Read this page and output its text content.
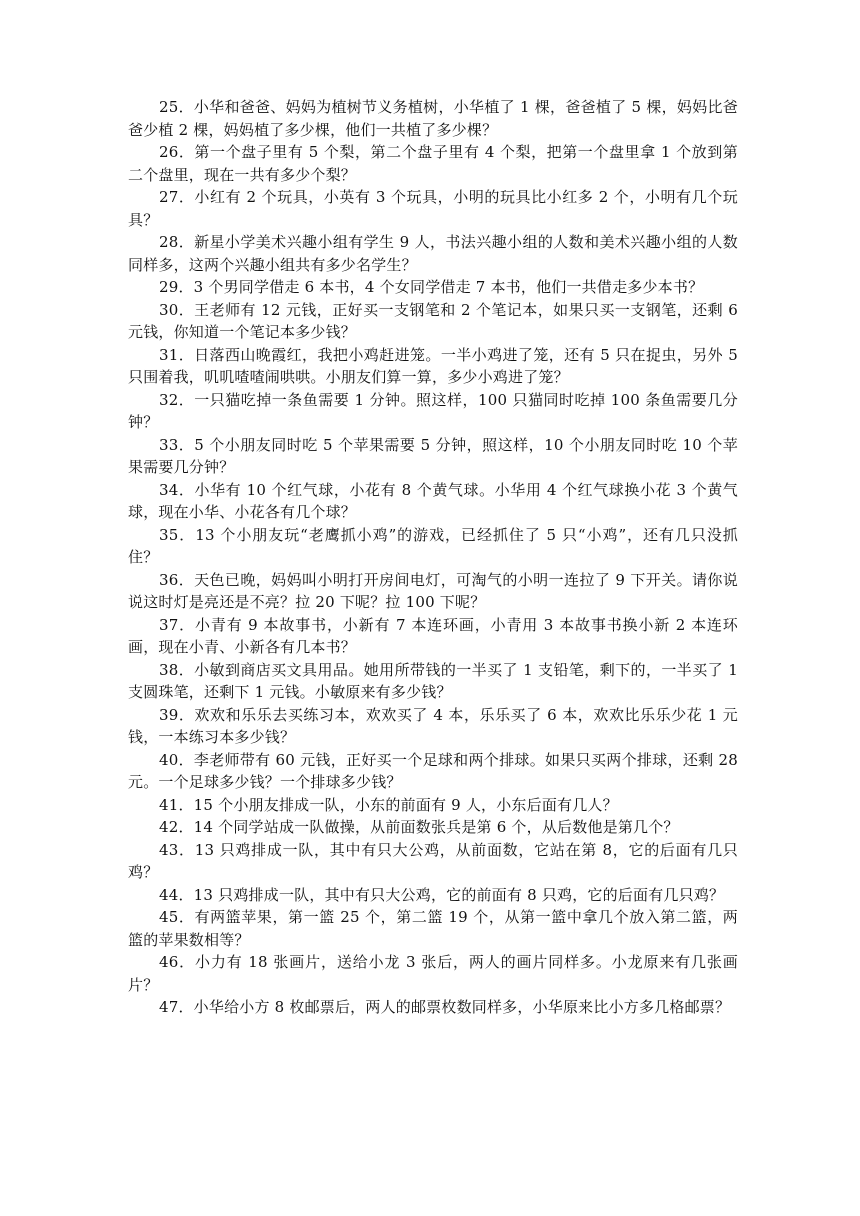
25．小华和爸爸、妈妈为植树节义务植树，小华植了 1 棵，爸爸植了 5 棵，妈妈比爸爸少植 2 棵，妈妈植了多少棵，他们一共植了多少棵？

26．第一个盘子里有 5 个梨，第二个盘子里有 4 个梨，把第一个盘里拿 1 个放到第二个盘里，现在一共有多少个梨？

27．小红有 2 个玩具，小英有 3 个玩具，小明的玩具比小红多 2 个，小明有几个玩具？

28．新星小学美术兴趣小组有学生 9 人，书法兴趣小组的人数和美术兴趣小组的人数同样多，这两个兴趣小组共有多少名学生？

29．3 个男同学借走 6 本书，4 个女同学借走 7 本书，他们一共借走多少本书？

30．王老师有 12 元钱，正好买一支钢笔和 2 个笔记本，如果只买一支钢笔，还剩 6 元钱，你知道一个笔记本多少钱？

31．日落西山晚霞红，我把小鸡赶进笼。一半小鸡进了笼，还有 5 只在捉虫，另外 5 只围着我，叽叽喳喳闹哄哄。小朋友们算一算，多少小鸡进了笼？

32．一只猫吃掉一条鱼需要 1 分钟。照这样，100 只猫同时吃掉 100 条鱼需要几分钟？

33．5 个小朋友同时吃 5 个苹果需要 5 分钟，照这样，10 个小朋友同时吃 10 个苹果需要几分钟？

34．小华有 10 个红气球，小花有 8 个黄气球。小华用 4 个红气球换小花 3 个黄气球，现在小华、小花各有几个球？

35．13 个小朋友玩“老鹰抓小鸡”的游戏，已经抓住了 5 只“小鸡”，还有几只没抓住？

36．天色已晚，妈妈叫小明打开房间电灯，可淘气的小明一连拉了 9 下开关。请你说说这时灯是亮还是不亮？拉 20 下呢？拉 100 下呢？

37．小青有 9 本故事书，小新有 7 本连环画，小青用 3 本故事书换小新 2 本连环画，现在小青、小新各有几本书？

38．小敏到商店买文具用品。她用所带钱的一半买了 1 支铅笔，剩下的，一半买了 1 支圆珠笔，还剩下 1 元钱。小敏原来有多少钱？

39．欢欢和乐乐去买练习本，欢欢买了 4 本，乐乐买了 6 本，欢欢比乐乐少花 1 元钱，一本练习本多少钱？

40．李老师带有 60 元钱，正好买一个足球和两个排球。如果只买两个排球，还剩 28 元。一个足球多少钱？一个排球多少钱？

41．15 个小朋友排成一队，小东的前面有 9 人，小东后面有几人？

42．14 个同学站成一队做操，从前面数张兵是第 6 个，从后数他是第几个？

43．13 只鸡排成一队，其中有只大公鸡，从前面数，它站在第 8，它的后面有几只鸡？

44．13 只鸡排成一队，其中有只大公鸡，它的前面有 8 只鸡，它的后面有几只鸡？

45．有两篮苹果，第一篮 25 个，第二篮 19 个，从第一篮中拿几个放入第二篮，两篮的苹果数相等？

46．小力有 18 张画片，送给小龙 3 张后，两人的画片同样多。小龙原来有几张画片？

47．小华给小方 8 枚邮票后，两人的邮票枚数同样多，小华原来比小方多几格邮票？
